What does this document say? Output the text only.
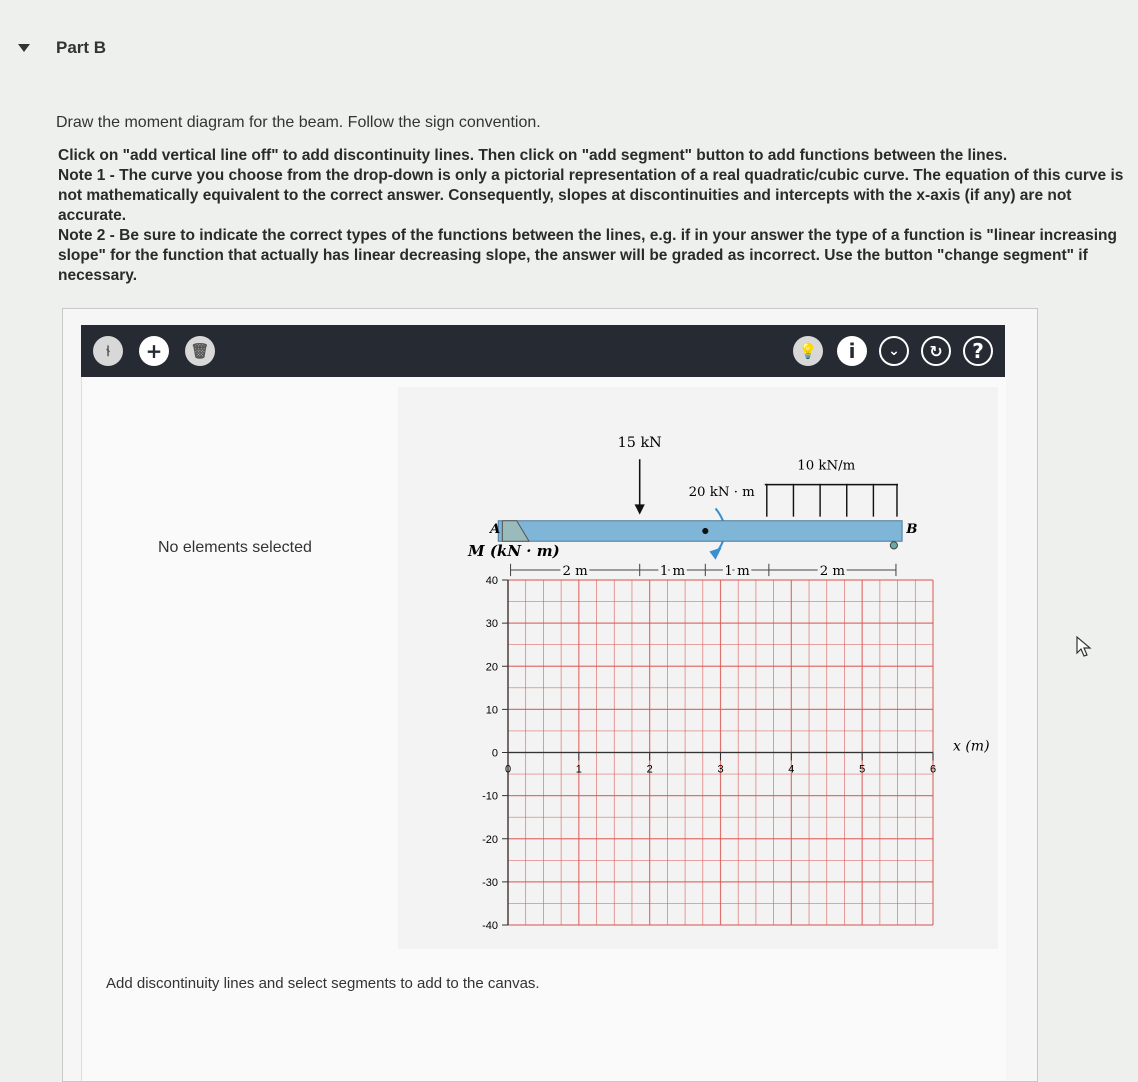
Part B
Draw the moment diagram for the beam. Follow the sign convention.

Click on "add vertical line off" to add discontinuity lines. Then click on "add segment" button to add functions between the lines.

Note 1 - The curve you choose from the drop-down is only a pictorial representation of a real quadratic/cubic curve. The equation of this curve is not mathematically equivalent to the correct answer. Consequently, slopes at discontinuities and intercepts with the x-axis (if any) are not accurate.

Note 2 - Be sure to indicate the correct types of the functions between the lines, e.g. if in your answer the type of a function is "linear increasing slope" for the function that actually has linear decreasing slope, the answer will be graded as incorrect. Use the button "change segment" if necessary.

⫮	+	🗑	💡	i	⌄	↻	?
No elements selected
15 kN
20 kN · m
10 kN/m
A	B
2 m	1 m	1 m	2 m
M (kN · m)
40
30
20
10
0
-10
-20
-30
-40
0	1	2	3	4	5	6
x (m)
Add discontinuity lines and select segments to add to the canvas.
